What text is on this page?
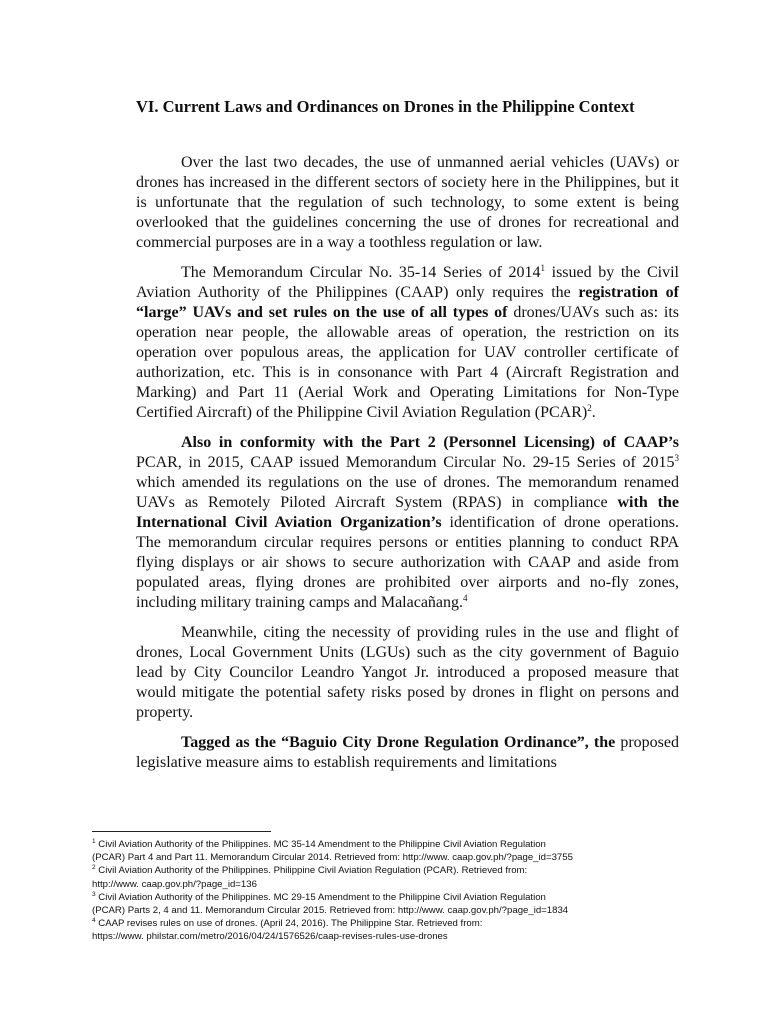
VI. Current Laws and Ordinances on Drones in the Philippine Context

Over the last two decades, the use of unmanned aerial vehicles (UAVs) or drones has increased in the different sectors of society here in the Philippines, but it is unfortunate that the regulation of such technology, to some extent is being overlooked that the guidelines concerning the use of drones for recreational and commercial purposes are in a way a toothless regulation or law.

The Memorandum Circular No. 35-14 Series of 2014$^1$ issued by the Civil Aviation Authority of the Philippines (CAAP) only requires the registration of “large” UAVs and set rules on the use of all types of drones/UAVs such as: its operation near people, the allowable areas of operation, the restriction on its operation over populous areas, the application for UAV controller certificate of authorization, etc. This is in consonance with Part 4 (Aircraft Registration and Marking) and Part 11 (Aerial Work and Operating Limitations for Non-Type Certified Aircraft) of the Philippine Civil Aviation Regulation (PCAR)$^2$.

Also in conformity with the Part 2 (Personnel Licensing) of CAAP’s PCAR, in 2015, CAAP issued Memorandum Circular No. 29-15 Series of 2015$^3$ which amended its regulations on the use of drones. The memorandum renamed UAVs as Remotely Piloted Aircraft System (RPAS) in compliance with the International Civil Aviation Organization’s identification of drone operations. The memorandum circular requires persons or entities planning to conduct RPA flying displays or air shows to secure authorization with CAAP and aside from populated areas, flying drones are prohibited over airports and no-fly zones, including military training camps and Malacañang.$^4$

Meanwhile, citing the necessity of providing rules in the use and flight of drones, Local Government Units (LGUs) such as the city government of Baguio lead by City Councilor Leandro Yangot Jr. introduced a proposed measure that would mitigate the potential safety risks posed by drones in flight on persons and property.

Tagged as the “Baguio City Drone Regulation Ordinance”, the proposed legislative measure aims to establish requirements and limitations

$^1$ Civil Aviation Authority of the Philippines. MC 35-14 Amendment to the Philippine Civil Aviation Regulation
(PCAR) Part 4 and Part 11. Memorandum Circular 2014. Retrieved from: http://www. caap.gov.ph/?page_id=3755
$^2$ Civil Aviation Authority of the Philippines. Philippine Civil Aviation Regulation (PCAR). Retrieved from:
http://www. caap.gov.ph/?page_id=136
$^3$ Civil Aviation Authority of the Philippines. MC 29-15 Amendment to the Philippine Civil Aviation Regulation
(PCAR) Parts 2, 4 and 11. Memorandum Circular 2015. Retrieved from: http://www. caap.gov.ph/?page_id=1834
$^4$ CAAP revises rules on use of drones. (April 24, 2016). The Philippine Star. Retrieved from:
https://www. philstar.com/metro/2016/04/24/1576526/caap-revises-rules-use-drones
